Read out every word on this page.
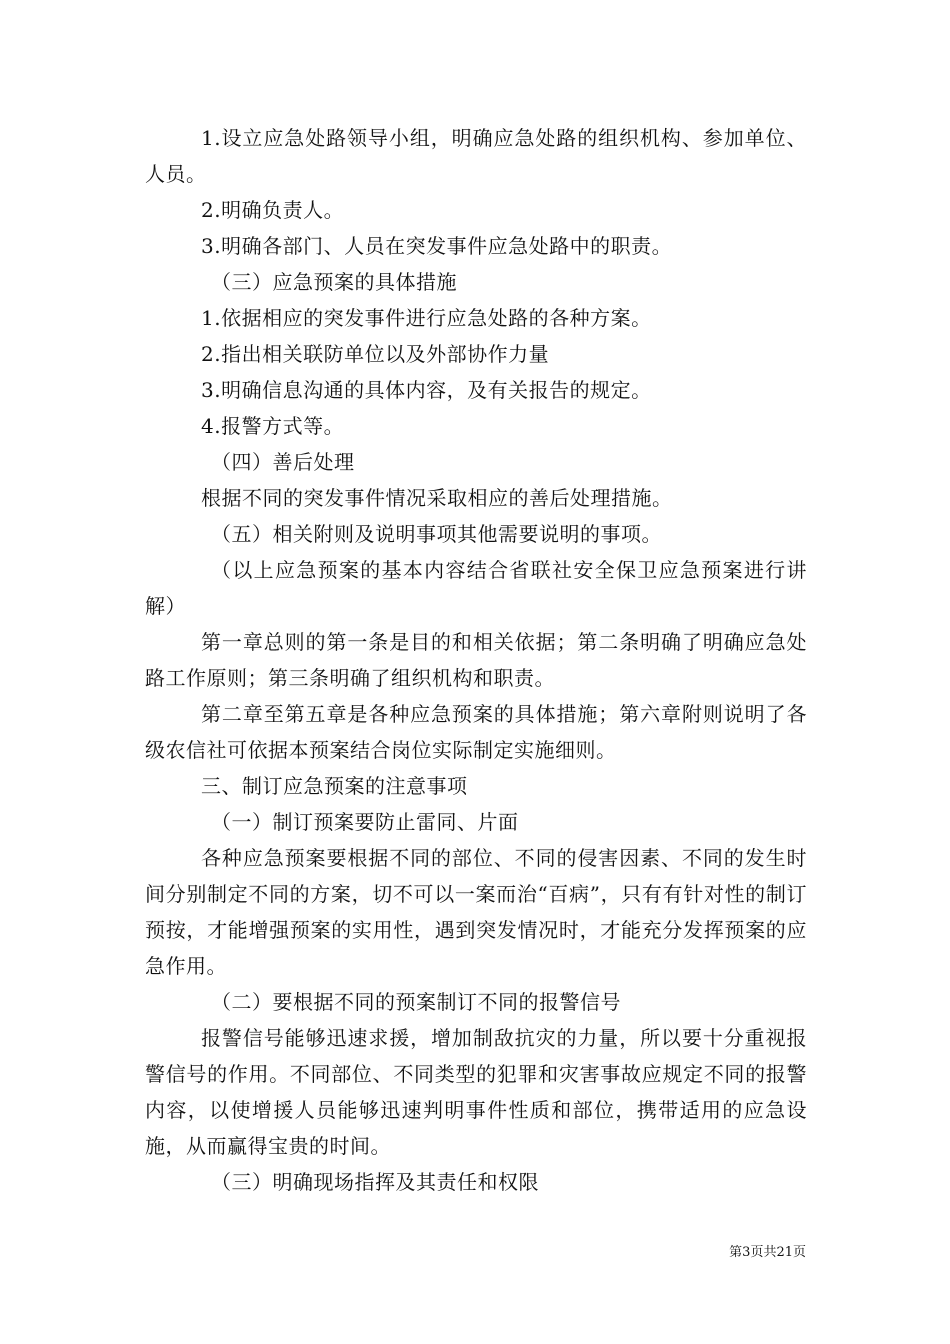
1.设立应急处路领导小组，明确应急处路的组织机构、参加单位、人员。

2.明确负责人。

3.明确各部门、人员在突发事件应急处路中的职责。

（三）应急预案的具体措施

1.依据相应的突发事件进行应急处路的各种方案。

2.指出相关联防单位以及外部协作力量

3.明确信息沟通的具体内容，及有关报告的规定。

4.报警方式等。

（四）善后处理

根据不同的突发事件情况采取相应的善后处理措施。

（五）相关附则及说明事项其他需要说明的事项。

（以上应急预案的基本内容结合省联社安全保卫应急预案进行讲解）

第一章总则的第一条是目的和相关依据；第二条明确了明确应急处路工作原则；第三条明确了组织机构和职责。

第二章至第五章是各种应急预案的具体措施；第六章附则说明了各级农信社可依据本预案结合岗位实际制定实施细则。

三、制订应急预案的注意事项

（一）制订预案要防止雷同、片面

各种应急预案要根据不同的部位、不同的侵害因素、不同的发生时间分别制定不同的方案，切不可以一案而治“百病”，只有有针对性的制订预按，才能增强预案的实用性，遇到突发情况时，才能充分发挥预案的应急作用。

（二）要根据不同的预案制订不同的报警信号

报警信号能够迅速求援，增加制敌抗灾的力量，所以要十分重视报警信号的作用。不同部位、不同类型的犯罪和灾害事故应规定不同的报警内容，以使增援人员能够迅速判明事件性质和部位，携带适用的应急设施，从而赢得宝贵的时间。

（三）明确现场指挥及其责任和权限

第3页共21页
